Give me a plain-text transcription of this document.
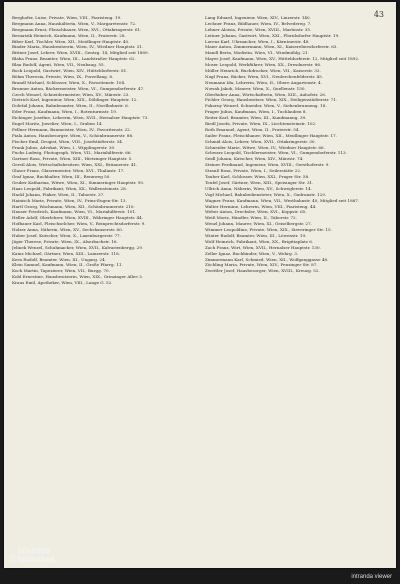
43
Berghofer, Luise, Private, Wien, VIII., Piaristeng. 19.
Bergmann Anna, Haushälterin, Wien, V., Margaretenstr. 72.
Bergmann Ernst, Fleischhauer, Wien, XVI., Ottakringerstr. 61.
Bernatzik Heinrich, Kaufmann, Wien, II., Praterstr. 28.
Biber Karl, Tischler, Wien, XII., Meidlinger Hauptstr. 40.
Binder Maria, Hausbesitzerin, Wien, IV., Wiedner Hauptstr. 31.
Bittner Josef, Lehrer, Wien, XVIII., Gentzg. 14, Mitglied seit 1889.
Blaha Franz, Beamter, Wien, III., Landstraßer Hauptstr. 62.
Blau Rudolf, Agent, Wien, VII., Neubaug. 55.
Bock Leopold, Gastwirt, Wien, XIV., Hütteldorferstr. 81.
Böhm Theresia, Private, Wien, IX., Porzellang. 8.
Brandl Michael, Schlosser, Wien, X., Favoritenstr. 104.
Brunner Anton, Bäckermeister, Wien, VI., Gumpendorferstr. 47.
Czech Wenzel, Schneidermeister, Wien, XV., Märzstr. 23.
Dietrich Karl, Ingenieur, Wien, XIX., Döblinger Hauptstr. 12.
Doležal Johann, Bahnbeamter, Wien, II., Nordbahnstr. 6.
Eder Franz, Kaufmann, Wien, I., Rotenturmstr. 19.
Eichinger Josefine, Lehrerin, Wien, XVII., Hernalser Hauptstr. 73.
Engel Moritz, Juwelier, Wien, I., Graben 14.
Fellner Hermann, Baumeister, Wien, IV., Favoritenstr. 22.
Fiala Anton, Hausbesorger, Wien, V., Schönbrunnerstr. 88.
Fischer Emil, Drogist, Wien, VIII., Josefstädterstr. 34.
Frank Julius, Advokat, Wien, I., Wipplingerstr. 30.
Fuchs Ludwig, Photograph, Wien, VII., Mariahilferstr. 66.
Gartner Rosa, Private, Wien, XIII., Hietzinger Hauptstr. 5.
Gerstl Alois, Wirtschaftsbesitzer, Wien, XXI., Brünnerstr. 41.
Glaser Franz, Glasermeister, Wien, XVI., Thaliastr. 17.
Graf Ignaz, Buchhalter, Wien, III., Rennweg 50.
Gruber Katharina, Witwe, Wien, XI., Simmeringer Hauptstr. 95.
Haas Leopold, Fabrikant, Wien, XX., Wallensteinstr. 28.
Hackl Johann, Fiaker, Wien, II., Taborstr. 37.
Hainisch Marie, Private, Wien, IV., Prinz-Eugen-Str. 13.
Hartl Georg, Wachmann, Wien, XII., Schönbrunnerstr. 210.
Hauser Friedrich, Kaufmann, Wien, VI., Mariahilferstr. 101.
Heller Adolf, Oberlehrer, Wien, XVIII., Währinger Hauptstr. 44.
Hofbauer Karl, Fleischselcher, Wien, V., Reinprechtsdorferstr. 9.
Holzer Anna, Näherin, Wien, XV., Sechshauserstr. 60.
Huber Josef, Kutscher, Wien, X., Laxenburgerstr. 77.
Jäger Therese, Private, Wien, IX., Alserbachstr. 16.
Jelinek Wenzel, Schuhmacher, Wien, XVII., Kalvarienbergg. 29.
Kainz Michael, Gärtner, Wien, XIII., Lainzerstr. 118.
Kern Rudolf, Beamter, Wien, III., Ungarg. 24.
Klein Samuel, Kaufmann, Wien, II., Große Pfarrg. 11.
Koch Martin, Tapezierer, Wien, VII., Burgg. 70.
Kohl Ernestine, Hausbesitzerin, Wien, XIX., Grinzinger Allee 3.
Kraus Emil, Apotheker, Wien, VIII., Lange G. 52.
Lang Eduard, Ingenieur, Wien, XIV., Linzerstr. 140.
Lechner Franz, Bildhauer, Wien, IV., Belvedereg. 7.
Lehner Aloisia, Private, Wien, XVIII., Martinstr. 35.
Leitner Johann, Gastwirt, Wien, XXI., Floridsdorfer Hauptstr. 19.
Lorenz Karl, Uhrmacher, Wien, I., Kärntnerstr. 48.
Maier Anton, Zimmermann, Wien, XI., Kaiserebersdorferstr. 63.
Mandl Berta, Modistin, Wien, VI., Windmühlg. 21.
Mayer Josef, Kaufmann, Wien, XV., Hütteldorferstr. 12, Mitglied seit 1892.
Moser Leopold, Werkführer, Wien, XX., Dresdnerstr. 86.
Müller Heinrich, Buchdrucker, Wien, VII., Kaiserstr. 33.
Nagl Franz, Bäcker, Wien, XVI., Neulerchenfelderstr. 45.
Neumann Ida, Lehrerin, Wien, II., Obere Augartenstr. 4.
Nowak Jakob, Maurer, Wien, X., Quellenstr. 150.
Oberhuber Anna, Wirtschafterin, Wien, XIII., Auhofstr. 26.
Pichler Georg, Hausbesitzer, Wien, XIX., Heiligenstädterstr. 71.
Pokorny Wenzel, Schneider, Wien, V., Siebenbrunneng. 18.
Prager Julius, Kaufmann, Wien, I., Tuchlauben 8.
Reiter Karl, Beamter, Wien, III., Kundmanng. 39.
Riedl Josefa, Private, Wien, IX., Liechtensteinstr. 102.
Roth Emanuel, Agent, Wien, II., Praterstr. 54.
Sailer Franz, Fleischhauer, Wien, XII., Meidlinger Hauptstr. 17.
Schmid Alois, Lehrer, Wien, XVII., Ottakringerstr. 30.
Schneider Marie, Witwe, Wien, IV., Wiedner Hauptstr. 66.
Schwarz Leopold, Tischlermeister, Wien, VI., Gumpendorferstr. 113.
Seidl Johann, Kutscher, Wien, XIV., Märzstr. 74.
Steiner Ferdinand, Ingenieur, Wien, XVIII., Gersthoferstr. 9.
Strauß Rosa, Private, Wien, I., Seilerstätte 22.
Tauber Karl, Schlosser, Wien, XXI., Prager Str. 58.
Teufel Josef, Gärtner, Wien, XIII., Speisinger Str. 31.
Ullrich Anna, Näherin, Wien, XV., Schweglerstr. 14.
Vogl Michael, Bahnbediensteter, Wien, X., Gudrunstr. 120.
Wagner Franz, Kaufmann, Wien, VII., Westbahnstr. 40, Mitglied seit 1887.
Walter Hermine, Lehrerin, Wien, VIII., Piaristeng. 44.
Weber Anton, Drechsler, Wien, XVI., Koppstr. 65.
Weiß Moriz, Händler, Wien, II., Taborstr. 72.
Wenzl Johann, Maurer, Wien, XI., Geiselbergstr. 27.
Wimmer Leopoldine, Private, Wien, XIX., Sieveringer Str. 15.
Winter Rudolf, Beamter, Wien, III., Löwenstr. 19.
Wolf Heinrich, Fabrikant, Wien, XX., Brigittaplatz 6.
Zach Franz, Wirt, Wien, XVII., Hernalser Hauptstr. 130.
Zeller Ignaz, Buchbinder, Wien, V., Wehrg. 3.
Zimmermann Karl, Schmied, Wien, XII., Wolfganggasse 48.
Zöchling Maria, Private, Wien, XIV., Penzinger Str. 87.
Zwettler Josef, Hausbesorger, Wien, XVIII., Kreuzg. 52.
ö
ö/landes
bibliothek
intranda viewer
